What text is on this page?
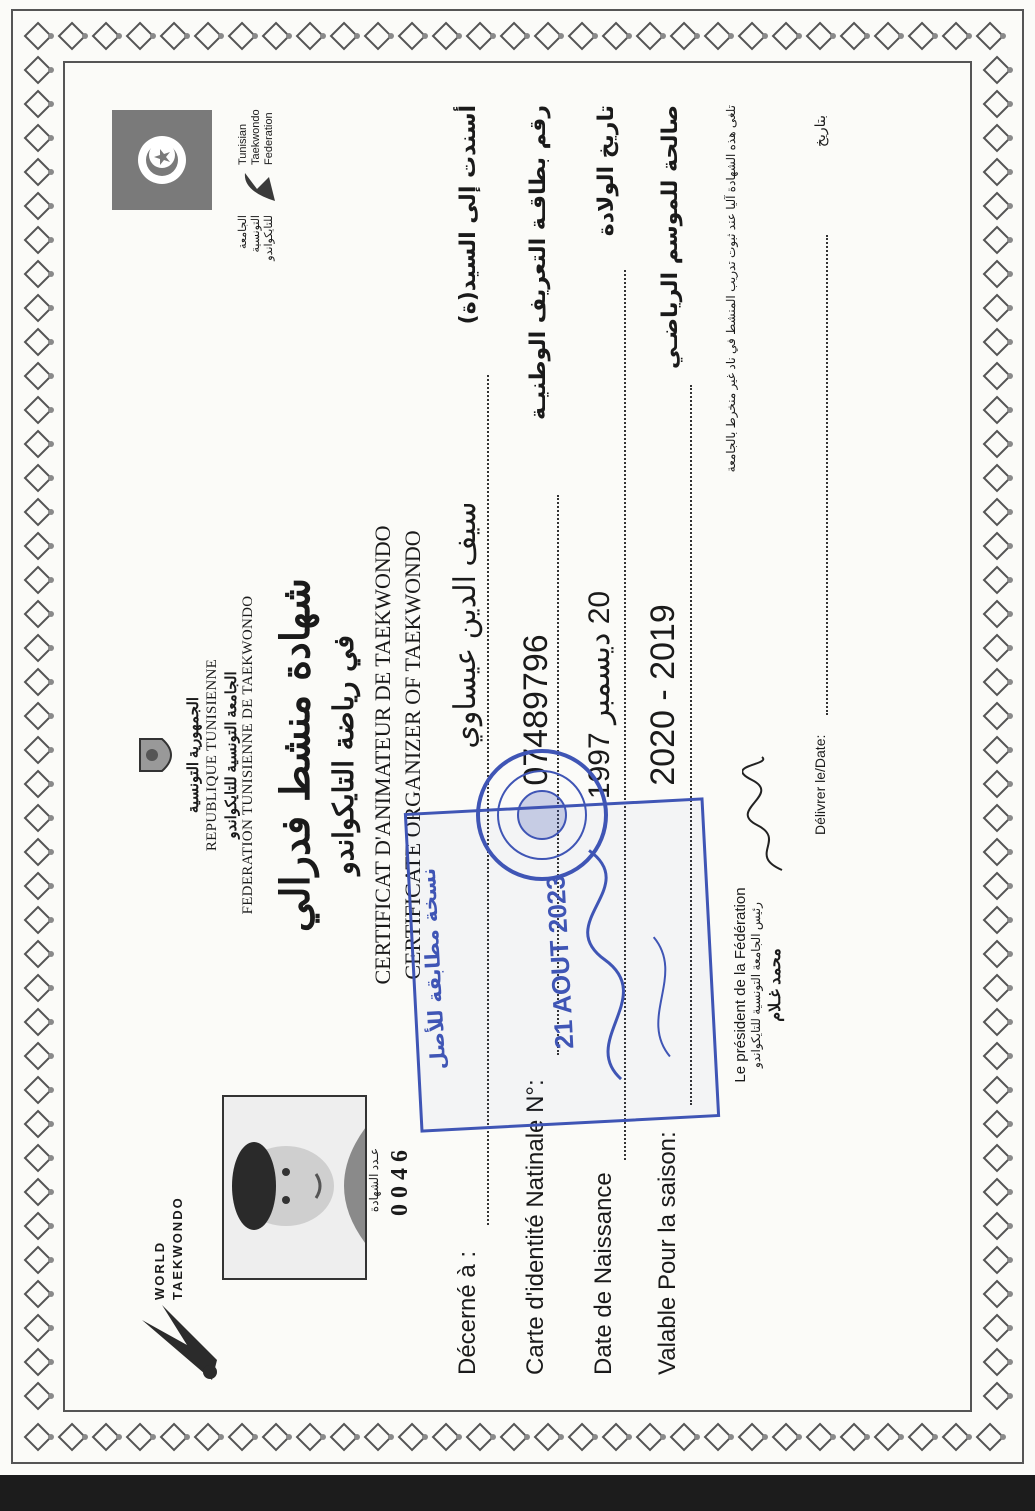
WORLD TAEKWONDO
عـدد الشهادة 0046
الجمهورية التونسية REPUBLIQUE TUNISIENNE الجامعة التونسية للتايكواندو FEDERATION TUNISIENNE DE TAEKWONDO
الجامعة التونسية للتايكواندو
Tunisian Taekwondo Federation
شهادة منشط فدرالي في رياضة التايكواندو CERTIFICAT D'ANIMATEUR DE TAEKWONDO CERTIFICATE ORGANIZER OF TAEKWONDO
Décerné à :
سيف الدين عيساوي
أسندت إلى السيد(ة)
Carte d'identité Natinale N°:
07489796
رقم بطاقـة التعريف الوطنيـة
Date de Naissance
20 ديسمبر 1997
تاريخ الولادة
Valable Pour la saison:
2020 - 2019
صالحة للموسم الرياضـي	تلغى هذه الشهادة آليا عند ثبوت تدريب المنشط في ناد غير منخرط بالجامعة
Le président de la Fédération رئيس الجامعة التونسية للتايكواندو محمد غـلام
Délivrer le/Date:
بتاريخ
نسخة مطابقة للأصل	21 AOUT 2023
